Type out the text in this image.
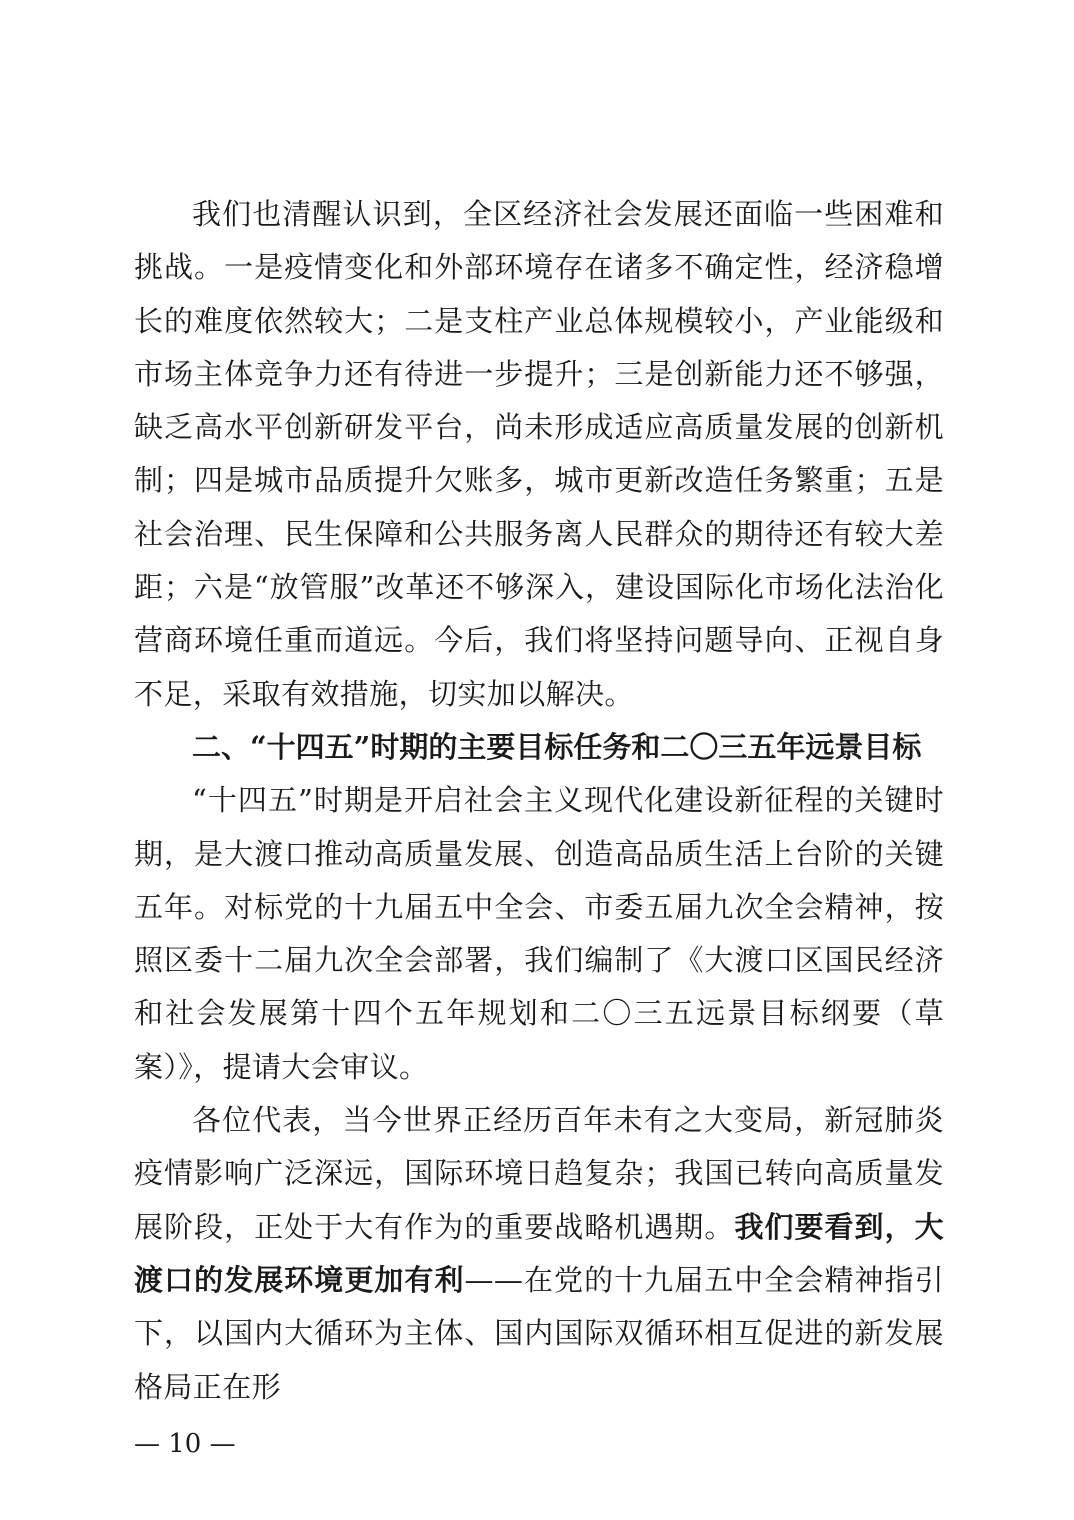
我们也清醒认识到，全区经济社会发展还面临一些困难和挑战。一是疫情变化和外部环境存在诸多不确定性，经济稳增长的难度依然较大；二是支柱产业总体规模较小，产业能级和市场主体竞争力还有待进一步提升；三是创新能力还不够强，缺乏高水平创新研发平台，尚未形成适应高质量发展的创新机制；四是城市品质提升欠账多，城市更新改造任务繁重；五是社会治理、民生保障和公共服务离人民群众的期待还有较大差距；六是“放管服”改革还不够深入，建设国际化市场化法治化营商环境任重而道远。今后，我们将坚持问题导向、正视自身不足，采取有效措施，切实加以解决。

二、“十四五”时期的主要目标任务和二〇三五年远景目标

“十四五”时期是开启社会主义现代化建设新征程的关键时期，是大渡口推动高质量发展、创造高品质生活上台阶的关键五年。对标党的十九届五中全会、市委五届九次全会精神，按照区委十二届九次全会部署，我们编制了《大渡口区国民经济和社会发展第十四个五年规划和二〇三五远景目标纲要（草案）》，提请大会审议。

各位代表，当今世界正经历百年未有之大变局，新冠肺炎疫情影响广泛深远，国际环境日趋复杂；我国已转向高质量发展阶段，正处于大有作为的重要战略机遇期。我们要看到，大渡口的发展环境更加有利——在党的十九届五中全会精神指引下，以国内大循环为主体、国内国际双循环相互促进的新发展格局正在形

— 10 —
